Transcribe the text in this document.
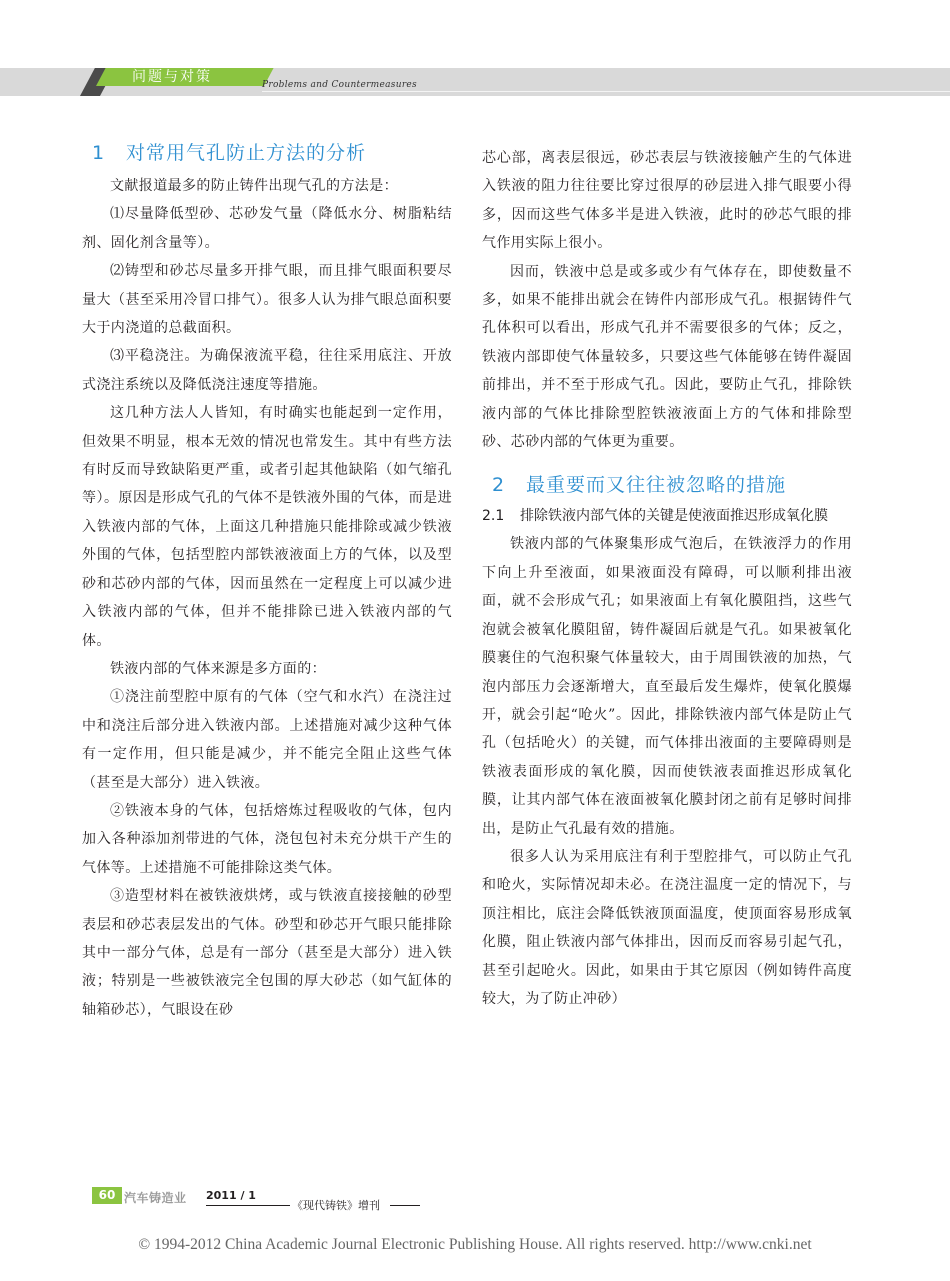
问题与对策	Problems and Countermeasures
1 对常用气孔防止方法的分析

文献报道最多的防止铸件出现气孔的方法是：

⑴尽量降低型砂、芯砂发气量（降低水分、树脂粘结剂、固化剂含量等）。

⑵铸型和砂芯尽量多开排气眼，而且排气眼面积要尽量大（甚至采用冷冒口排气）。很多人认为排气眼总面积要大于内浇道的总截面积。

⑶平稳浇注。为确保液流平稳，往往采用底注、开放式浇注系统以及降低浇注速度等措施。

这几种方法人人皆知，有时确实也能起到一定作用，但效果不明显，根本无效的情况也常发生。其中有些方法有时反而导致缺陷更严重，或者引起其他缺陷（如气缩孔等）。原因是形成气孔的气体不是铁液外围的气体，而是进入铁液内部的气体，上面这几种措施只能排除或减少铁液外围的气体，包括型腔内部铁液液面上方的气体，以及型砂和芯砂内部的气体，因而虽然在一定程度上可以减少进入铁液内部的气体，但并不能排除已进入铁液内部的气体。

铁液内部的气体来源是多方面的：

①浇注前型腔中原有的气体（空气和水汽）在浇注过中和浇注后部分进入铁液内部。上述措施对减少这种气体有一定作用，但只能是减少，并不能完全阻止这些气体（甚至是大部分）进入铁液。

②铁液本身的气体，包括熔炼过程吸收的气体，包内加入各种添加剂带进的气体，浇包包衬未充分烘干产生的气体等。上述措施不可能排除这类气体。

③造型材料在被铁液烘烤，或与铁液直接接触的砂型表层和砂芯表层发出的气体。砂型和砂芯开气眼只能排除其中一部分气体，总是有一部分（甚至是大部分）进入铁液；特别是一些被铁液完全包围的厚大砂芯（如气缸体的轴箱砂芯），气眼设在砂

芯心部，离表层很远，砂芯表层与铁液接触产生的气体进入铁液的阻力往往要比穿过很厚的砂层进入排气眼要小得多，因而这些气体多半是进入铁液，此时的砂芯气眼的排气作用实际上很小。

因而，铁液中总是或多或少有气体存在，即使数量不多，如果不能排出就会在铸件内部形成气孔。根据铸件气孔体积可以看出，形成气孔并不需要很多的气体；反之，铁液内部即使气体量较多，只要这些气体能够在铸件凝固前排出，并不至于形成气孔。因此，要防止气孔，排除铁液内部的气体比排除型腔铁液液面上方的气体和排除型砂、芯砂内部的气体更为重要。

2 最重要而又往往被忽略的措施
2.1 排除铁液内部气体的关键是使液面推迟形成氧化膜

铁液内部的气体聚集形成气泡后，在铁液浮力的作用下向上升至液面，如果液面没有障碍，可以顺利排出液面，就不会形成气孔；如果液面上有氧化膜阻挡，这些气泡就会被氧化膜阻留，铸件凝固后就是气孔。如果被氧化膜裹住的气泡积聚气体量较大，由于周围铁液的加热，气泡内部压力会逐渐增大，直至最后发生爆炸，使氧化膜爆开，就会引起“呛火”。因此，排除铁液内部气体是防止气孔（包括呛火）的关键，而气体排出液面的主要障碍则是铁液表面形成的氧化膜，因而使铁液表面推迟形成氧化膜，让其内部气体在液面被氧化膜封闭之前有足够时间排出，是防止气孔最有效的措施。

很多人认为采用底注有利于型腔排气，可以防止气孔和呛火，实际情况却未必。在浇注温度一定的情况下，与顶注相比，底注会降低铁液顶面温度，使顶面容易形成氧化膜，阻止铁液内部气体排出，因而反而容易引起气孔，甚至引起呛火。因此，如果由于其它原因（例如铸件高度较大，为了防止冲砂）

60 汽车铸造业 2011 / 1
《现代铸铁》增刊
© 1994-2012 China Academic Journal Electronic Publishing House. All rights reserved. http://www.cnki.net
